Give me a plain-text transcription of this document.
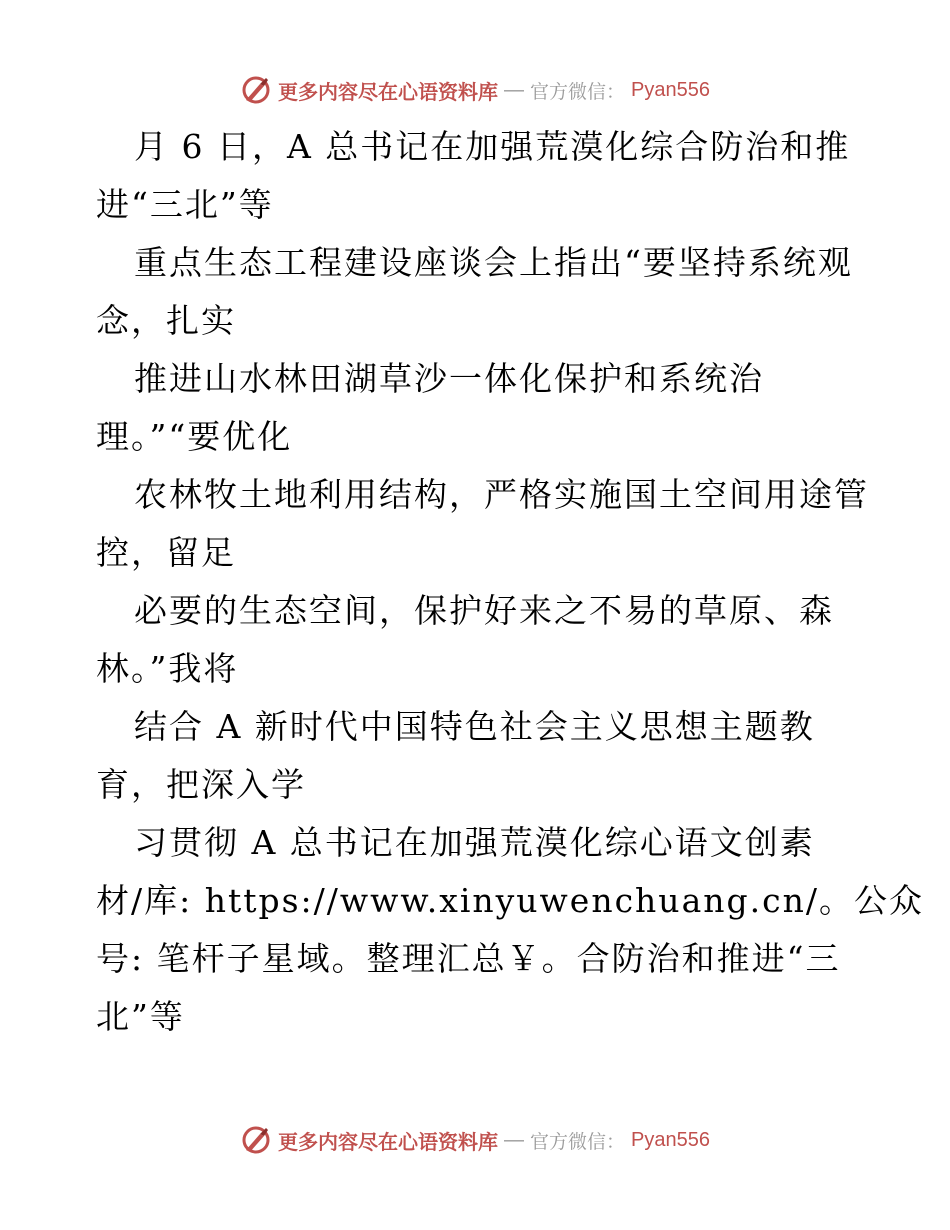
更多内容尽在心语资料库 — 官方微信： Pyan556
月 6 日，A 总书记在加强荒漠化综合防治和推
进“三北”等
重点生态工程建设座谈会上指出“要坚持系统观
念，扎实
推进山水林田湖草沙一体化保护和系统治
理。”“要优化
农林牧土地利用结构，严格实施国土空间用途管
控，留足
必要的生态空间，保护好来之不易的草原、森
林。”我将
结合 A 新时代中国特色社会主义思想主题教
育，把深入学
习贯彻 A 总书记在加强荒漠化综心语文创素
材/库: https://www.xinyuwenchuang.cn/。公众
号: 笔杆子星域。整理汇总￥。合防治和推进“三
北”等
更多内容尽在心语资料库 — 官方微信： Pyan556
